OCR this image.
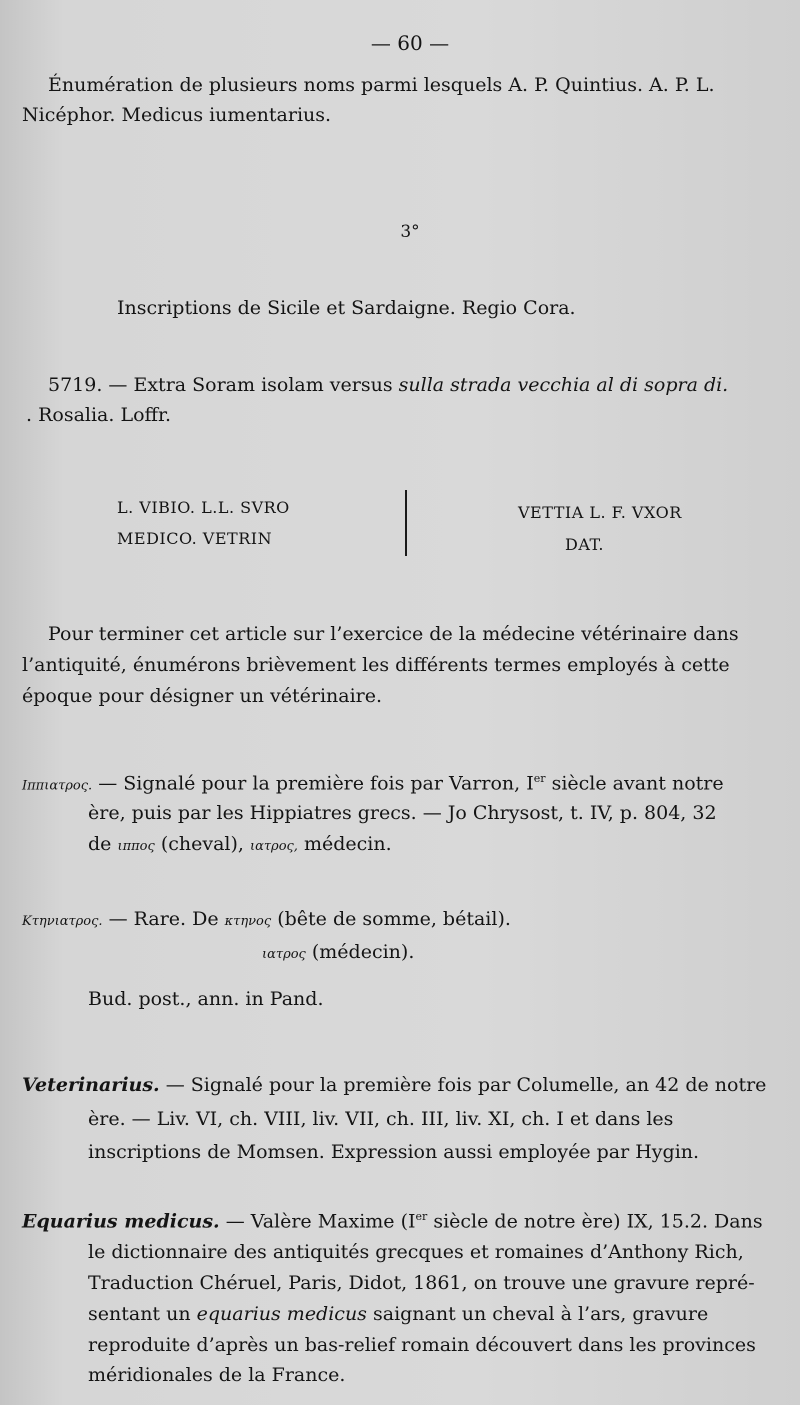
— 60 —
Énumération de plusieurs noms parmi lesquels A. P. Quintius. A. P. L.
Nicéphor. Medicus iumentarius.
3°
Inscriptions de Sicile et Sardaigne. Regio Cora.
5719. — Extra Soram isolam versus sulla strada vecchia al di sopra di.
. Rosalia. Loffr.
L. VIBIO. L.L. SVRO
MEDICO. VETRIN
VETTIA L. F. VXOR
DAT.
Pour terminer cet article sur l’exercice de la médecine vétérinaire dans
l’antiquité, énumérons brièvement les différents termes employés à cette
époque pour désigner un vétérinaire.
Ιππιατρος. — Signalé pour la première fois par Varron, Ier siècle avant notre
ère, puis par les Hippiatres grecs. — Jo Chrysost, t. IV, p. 804, 32
de ιππος (cheval), ιατρος, médecin.
Κτηνιατρος. — Rare. De κτηνος (bête de somme, bétail).
ιατρος (médecin).
Bud. post., ann. in Pand.
Veterinarius. — Signalé pour la première fois par Columelle, an 42 de notre
ère. — Liv. VI, ch. VIII, liv. VII, ch. III, liv. XI, ch. I et dans les
inscriptions de Momsen. Expression aussi employée par Hygin.
Equarius medicus. — Valère Maxime (Ier siècle de notre ère) IX, 15.2. Dans
le dictionnaire des antiquités grecques et romaines d’Anthony Rich,
Traduction Chéruel, Paris, Didot, 1861, on trouve une gravure repré-
sentant un equarius medicus saignant un cheval à l’ars, gravure
reproduite d’après un bas-relief romain découvert dans les provinces
méridionales de la France.
